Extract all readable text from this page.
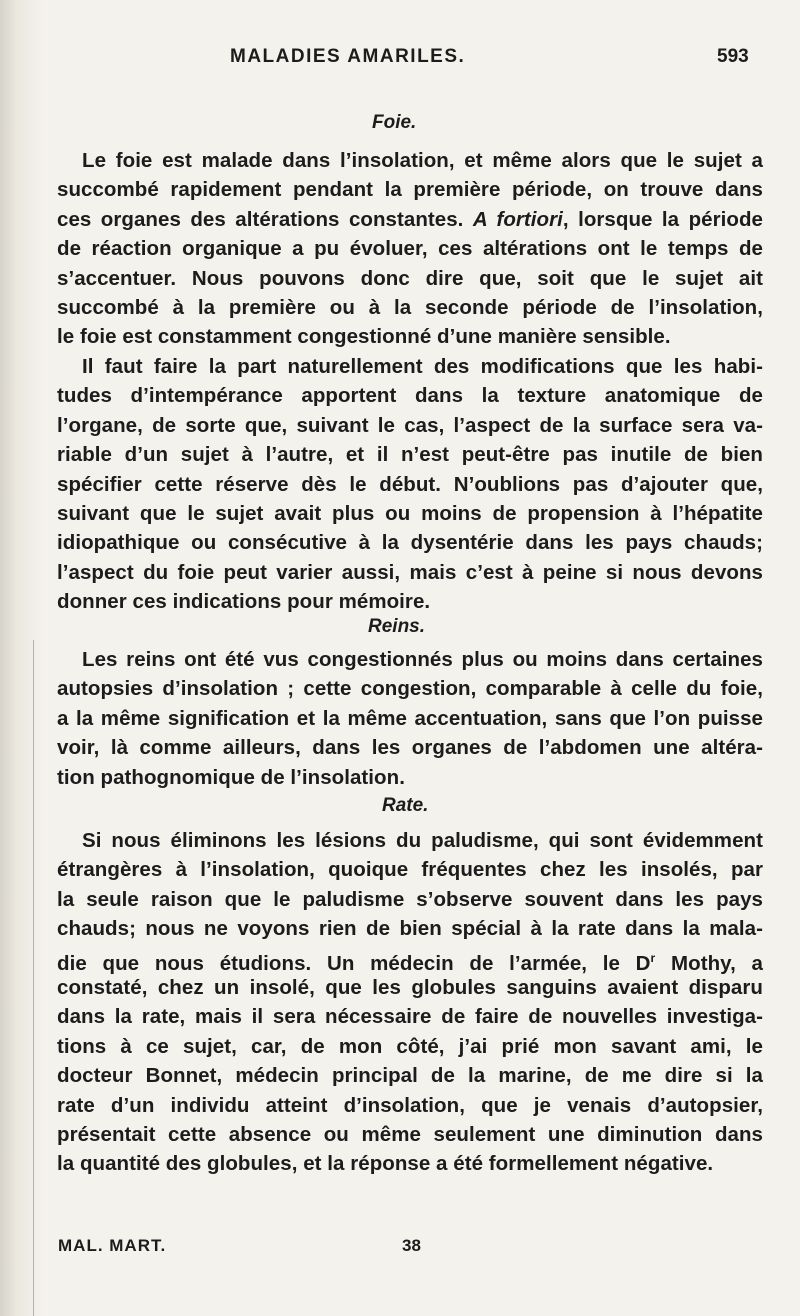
MALADIES AMARILES.	593
Foie.
Le foie est malade dans l’insolation, et même alors que le sujet a
succombé rapidement pendant la première période, on trouve dans
ces organes des altérations constantes. A fortiori, lorsque la période
de réaction organique a pu évoluer, ces altérations ont le temps de
s’accentuer. Nous pouvons donc dire que, soit que le sujet ait
succombé à la première ou à la seconde période de l’insolation,
le foie est constamment congestionné d’une manière sensible.
Il faut faire la part naturellement des modifications que les habi-
tudes d’intempérance apportent dans la texture anatomique de
l’organe, de sorte que, suivant le cas, l’aspect de la surface sera va-
riable d’un sujet à l’autre, et il n’est peut-être pas inutile de bien
spécifier cette réserve dès le début. N’oublions pas d’ajouter que,
suivant que le sujet avait plus ou moins de propension à l’hépatite
idiopathique ou consécutive à la dysentérie dans les pays chauds;
l’aspect du foie peut varier aussi, mais c’est à peine si nous devons
donner ces indications pour mémoire.
Reins.
Les reins ont été vus congestionnés plus ou moins dans certaines
autopsies d’insolation ; cette congestion, comparable à celle du foie,
a la même signification et la même accentuation, sans que l’on puisse
voir, là comme ailleurs, dans les organes de l’abdomen une altéra-
tion pathognomique de l’insolation.
Rate.
Si nous éliminons les lésions du paludisme, qui sont évidemment
étrangères à l’insolation, quoique fréquentes chez les insolés, par
la seule raison que le paludisme s’observe souvent dans les pays
chauds; nous ne voyons rien de bien spécial à la rate dans la mala-
die que nous étudions. Un médecin de l’armée, le $D^r$ Mothy, a
constaté, chez un insolé, que les globules sanguins avaient disparu
dans la rate, mais il sera nécessaire de faire de nouvelles investiga-
tions à ce sujet, car, de mon côté, j’ai prié mon savant ami, le
docteur Bonnet, médecin principal de la marine, de me dire si la
rate d’un individu atteint d’insolation, que je venais d’autopsier,
présentait cette absence ou même seulement une diminution dans
la quantité des globules, et la réponse a été formellement négative.
MAL. MART.	38
